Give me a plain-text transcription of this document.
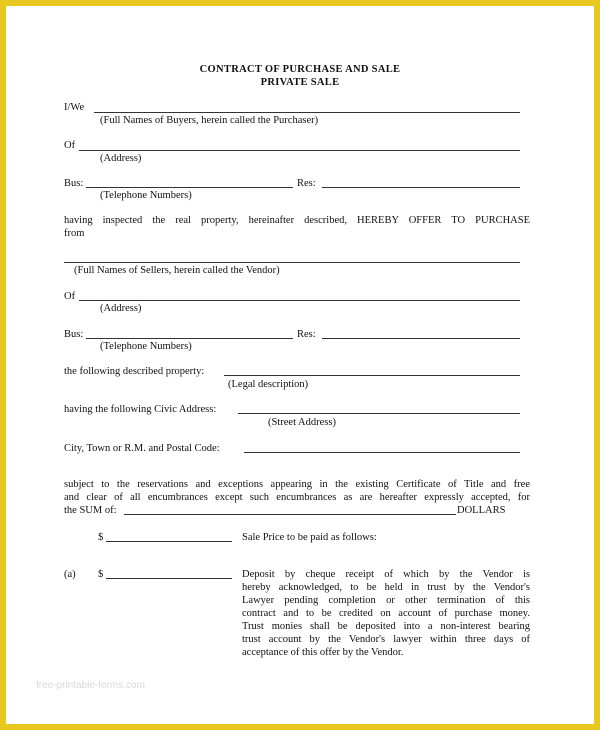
CONTRACT OF PURCHASE AND SALE
PRIVATE SALE
I/We
(Full Names of Buyers, herein called the Purchaser)
Of
(Address)
Bus:	Res:
(Telephone Numbers)
having inspected the real property, hereinafter described, HEREBY OFFER TO PURCHASE
from
(Full Names of Sellers, herein called the Vendor)
Of
(Address)
Bus:	Res:
(Telephone Numbers)
the following described property:
(Legal description)
having the following Civic Address:
(Street Address)
City, Town or R.M. and Postal Code:
subject to the reservations and exceptions appearing in the existing Certificate of Title and free
and clear of all encumbrances except such encumbrances as are hereafter expressly accepted, for
the SUM of:	DOLLARS
$	Sale Price to be paid as follows:
(a) $	Deposit by cheque receipt of which by the Vendor is
hereby acknowledged, to be held in trust by the Vendor's
Lawyer pending completion or other termination of this
contract and to be credited on account of purchase money.
Trust monies shall be deposited into a non-interest bearing
trust account by the Vendor's lawyer within three days of
acceptance of this offer by the Vendor.
free-printable-forms.com
